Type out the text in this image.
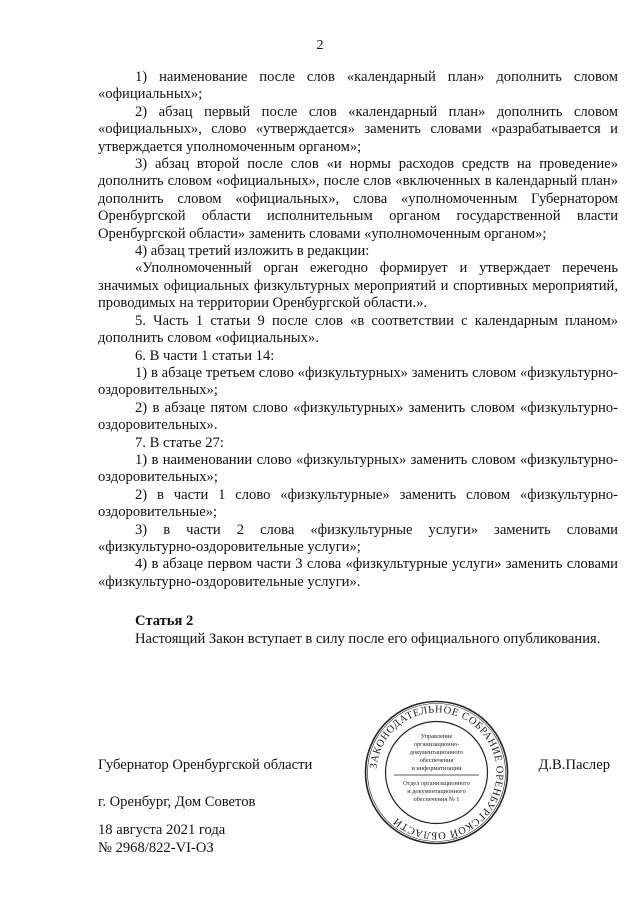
2

1) наименование после слов «календарный план» дополнить словом «официальных»;

2) абзац первый после слов «календарный план» дополнить словом «официальных», слово «утверждается» заменить словами «разрабатывается и утверждается уполномоченным органом»;

3) абзац второй после слов «и нормы расходов средств на проведение» дополнить словом «официальных», после слов «включенных в календарный план» дополнить словом «официальных», слова «уполномоченным Губернатором Оренбургской области исполнительным органом государственной власти Оренбургской области» заменить словами «уполномоченным органом»;

4) абзац третий изложить в редакции:

«Уполномоченный орган ежегодно формирует и утверждает перечень значимых официальных физкультурных мероприятий и спортивных мероприятий, проводимых на территории Оренбургской области.».

5. Часть 1 статьи 9 после слов «в соответствии с календарным планом» дополнить словом «официальных».

6. В части 1 статьи 14:

1) в абзаце третьем слово «физкультурных» заменить словом «физкультурно-оздоровительных»;

2) в абзаце пятом слово «физкультурных» заменить словом «физкультурно-оздоровительных».

7. В статье 27:

1) в наименовании слово «физкультурных» заменить словом «физкультурно-оздоровительных»;

2) в части 1 слово «физкультурные» заменить словом «физкультурно-оздоровительные»;

3) в части 2 слова «физкультурные услуги» заменить словами «физкультурно-оздоровительные услуги»;

4) в абзаце первом части 3 слова «физкультурные услуги» заменить словами «физкультурно-оздоровительные услуги».

Статья 2

Настоящий Закон вступает в силу после его официального опубликования.

ЗАКОНОДАТЕЛЬНОЕ СОБРАНИЕ ОРЕНБУРГСКОЙ ОБЛАСТИ
Управление
организационно-
документационного
обеспечения
и информатизации
Отдел организационного
и документационного
обеспечения № 1
Губернатор Оренбургской области	Д.В.Паслер
г. Оренбург, Дом Советов
18 августа 2021 года
№ 2968/822-VI-ОЗ
